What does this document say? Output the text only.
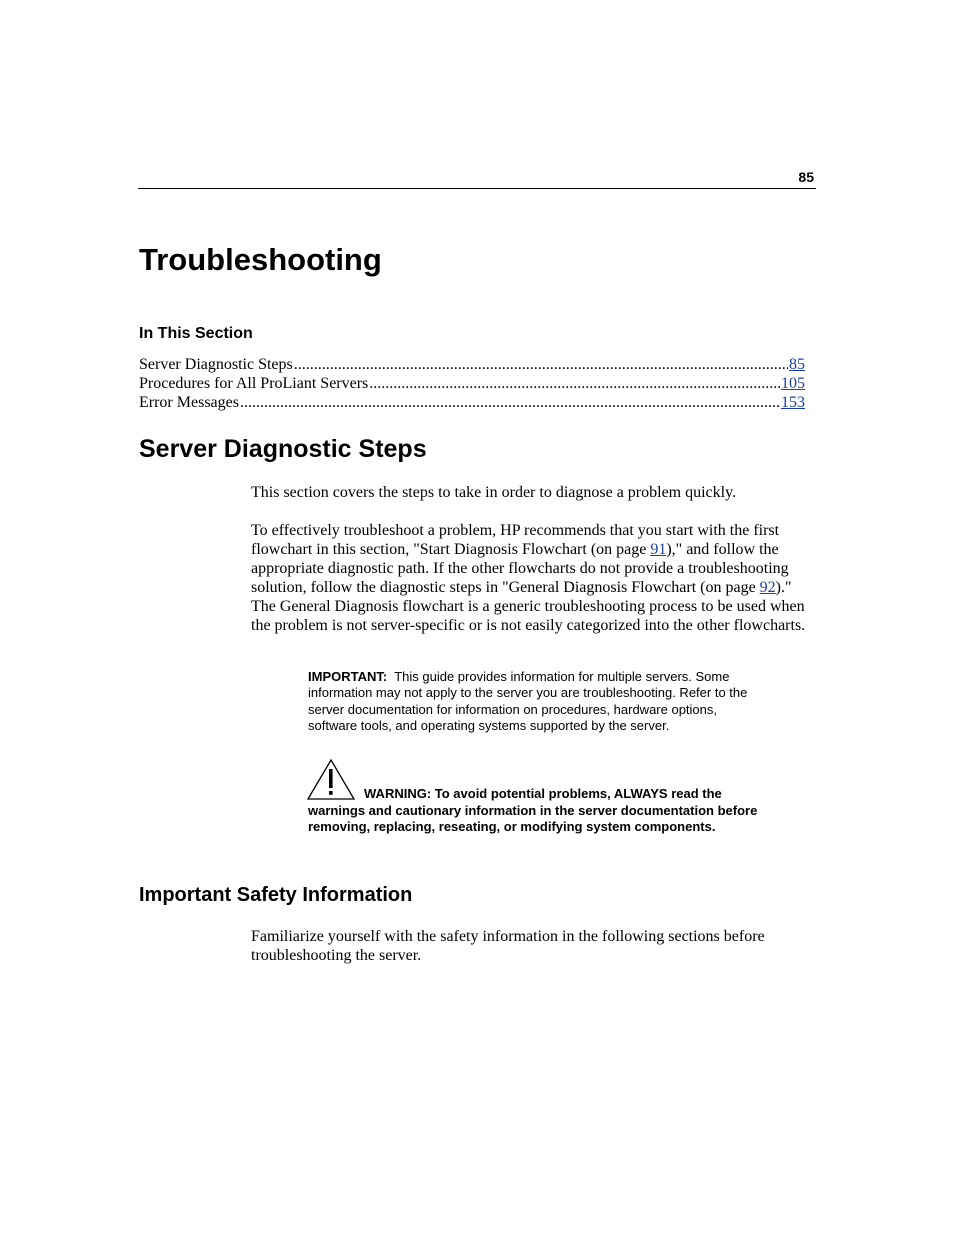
85
Troubleshooting
In This Section
Server Diagnostic Steps .....	85
Procedures for All ProLiant Servers .....	105
Error Messages .....	153
Server Diagnostic Steps

This section covers the steps to take in order to diagnose a problem quickly.

To effectively troubleshoot a problem, HP recommends that you start with the first flowchart in this section, "Start Diagnosis Flowchart (on page 91)," and follow the appropriate diagnostic path. If the other flowcharts do not provide a troubleshooting solution, follow the diagnostic steps in "General Diagnosis Flowchart (on page 92)." The General Diagnosis flowchart is a generic troubleshooting process to be used when the problem is not server-specific or is not easily categorized into the other flowcharts.

IMPORTANT: This guide provides information for multiple servers. Some information may not apply to the server you are troubleshooting. Refer to the server documentation for information on procedures, hardware options, software tools, and operating systems supported by the server.

WARNING: To avoid potential problems, ALWAYS read the warnings and cautionary information in the server documentation before removing, replacing, reseating, or modifying system components.

Important Safety Information

Familiarize yourself with the safety information in the following sections before troubleshooting the server.
